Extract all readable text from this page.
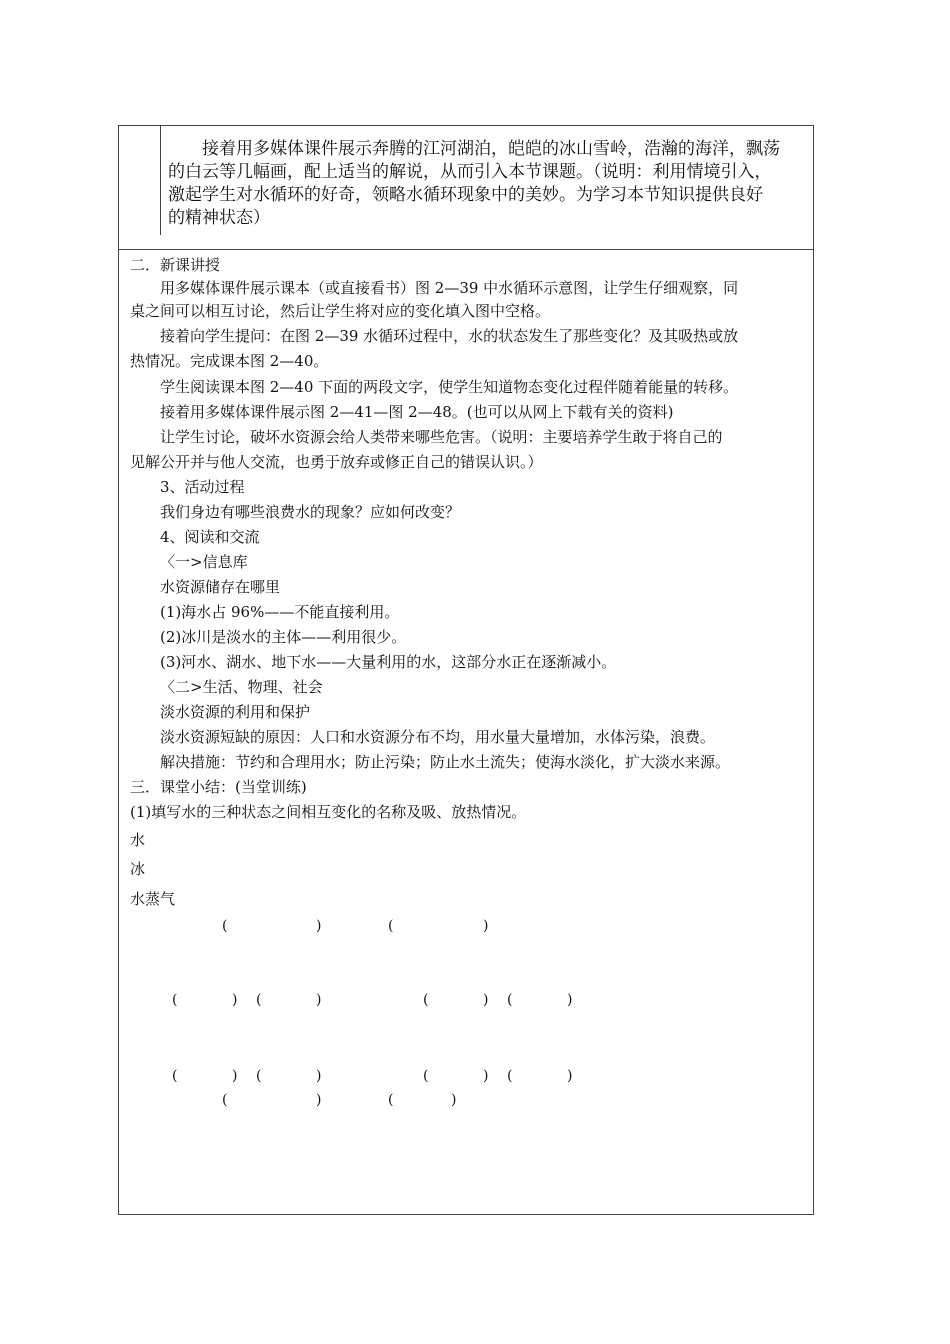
　　接着用多媒体课件展示奔腾的江河湖泊，皑皑的冰山雪岭，浩瀚的海洋，飘荡

的白云等几幅画，配上适当的解说，从而引入本节课题。（说明：利用情境引入，

激起学生对水循环的好奇，领略水循环现象中的美妙。为学习本节知识提供良好

的精神状态）

二．新课讲授
用多媒体课件展示课本（或直接看书）图 2—39 中水循环示意图，让学生仔细观察，同
桌之间可以相互讨论，然后让学生将对应的变化填入图中空格。
接着向学生提问：在图 2—39 水循环过程中，水的状态发生了那些变化？及其吸热或放
热情况。完成课本图 2—40。
学生阅读课本图 2—40 下面的两段文字，使学生知道物态变化过程伴随着能量的转移。
接着用多媒体课件展示图 2—41—图 2—48。(也可以从网上下载有关的资料)
让学生讨论，破坏水资源会给人类带来哪些危害。（说明：主要培养学生敢于将自己的
见解公开并与他人交流，也勇于放弃或修正自己的错误认识。）
3、活动过程
我们身边有哪些浪费水的现象？应如何改变？
4、阅读和交流
〈一>信息库
水资源储存在哪里
(1)海水占 96%——不能直接利用。
(2)冰川是淡水的主体——利用很少。
(3)河水、湖水、地下水——大量利用的水，这部分水正在逐渐减小。
〈二>生活、物理、社会
淡水资源的利用和保护
淡水资源短缺的原因：人口和水资源分布不均，用水量大量增加，水体污染，浪费。
解决措施：节约和合理用水；防止污染；防止水土流失；使海水淡化，扩大淡水来源。
三．课堂小结：(当堂训练)
(1)填写水的三种状态之间相互变化的名称及吸、放热情况。
水
冰
水蒸气
(	)	(	)
(	) (	)	(	) (	)
(	) (	)	(	) (	)
(	)	(	)
